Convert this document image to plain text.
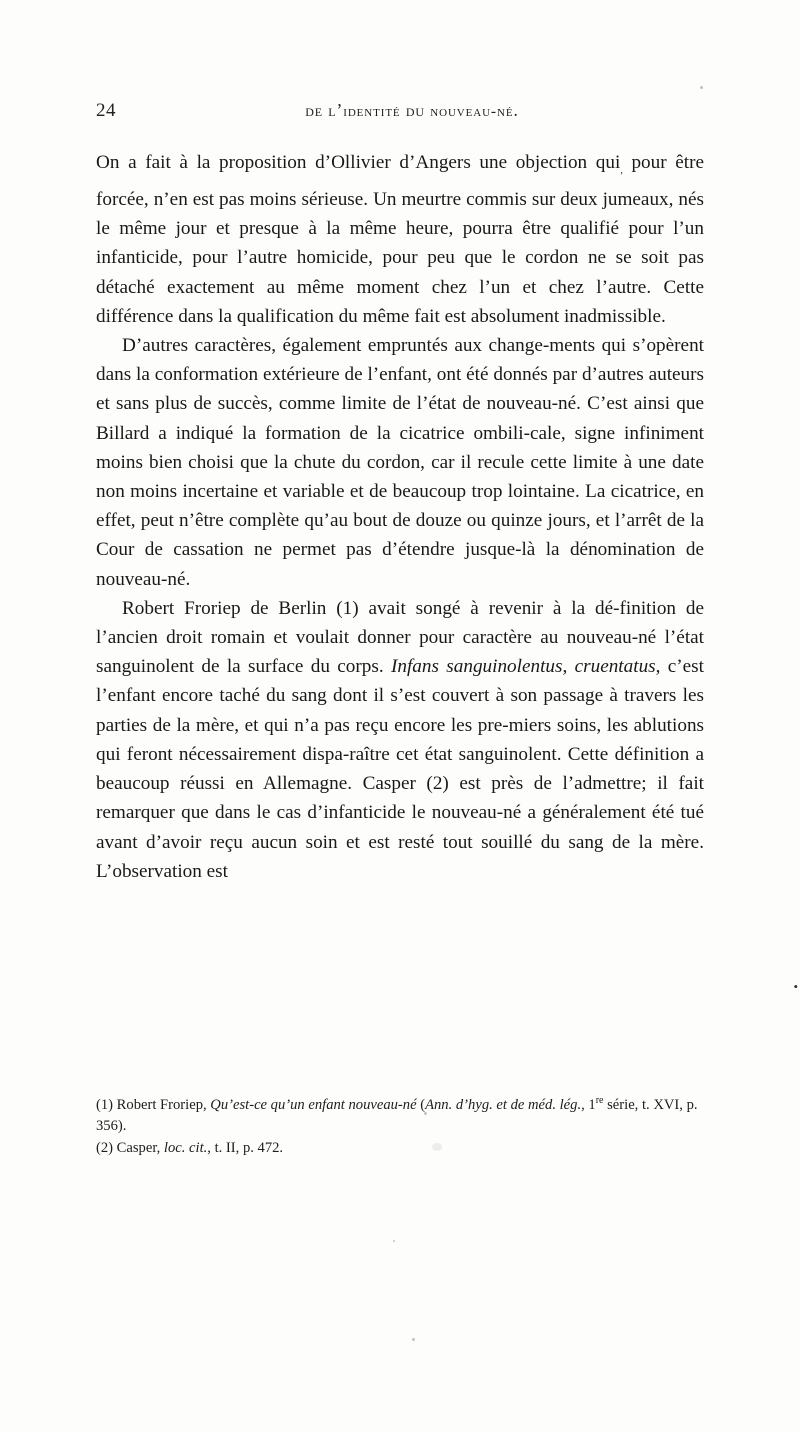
24	de l’identité du nouveau-né.

On a fait à la proposition d’Ollivier d’Angers une objection qui$_,$ pour être forcée, n’en est pas moins sérieuse. Un meurtre commis sur deux jumeaux, nés le même jour et presque à la même heure, pourra être qualifié pour l’un infanticide, pour l’autre homicide, pour peu que le cordon ne se soit pas détaché exactement au même moment chez l’un et chez l’autre. Cette différence dans la qualification du même fait est absolument inadmissible.

D’autres caractères, également empruntés aux change-ments qui s’opèrent dans la conformation extérieure de l’enfant, ont été donnés par d’autres auteurs et sans plus de succès, comme limite de l’état de nouveau-né. C’est ainsi que Billard a indiqué la formation de la cicatrice ombili-cale, signe infiniment moins bien choisi que la chute du cordon, car il recule cette limite à une date non moins incertaine et variable et de beaucoup trop lointaine. La cicatrice, en effet, peut n’être complète qu’au bout de douze ou quinze jours, et l’arrêt de la Cour de cassation ne permet pas d’étendre jusque-là la dénomination de nouveau-né.

Robert Froriep de Berlin (1) avait songé à revenir à la dé-finition de l’ancien droit romain et voulait donner pour caractère au nouveau-né l’état sanguinolent de la surface du corps. Infans sanguinolentus, cruentatus, c’est l’enfant encore taché du sang dont il s’est couvert à son passage à travers les parties de la mère, et qui n’a pas reçu encore les pre-miers soins, les ablutions qui feront nécessairement dispa-raître cet état sanguinolent. Cette définition a beaucoup réussi en Allemagne. Casper (2) est près de l’admettre; il fait remarquer que dans le cas d’infanticide le nouveau-né a généralement été tué avant d’avoir reçu aucun soin et est resté tout souillé du sang de la mère. L’observation est

•

(1) Robert Froriep, Qu’est-ce qu’un enfant nouveau-né (Ann. d’hyg. et de méd. lég., 1re série, t. XVI, p. 356).

(2) Casper, loc. cit., t. II, p. 472.
